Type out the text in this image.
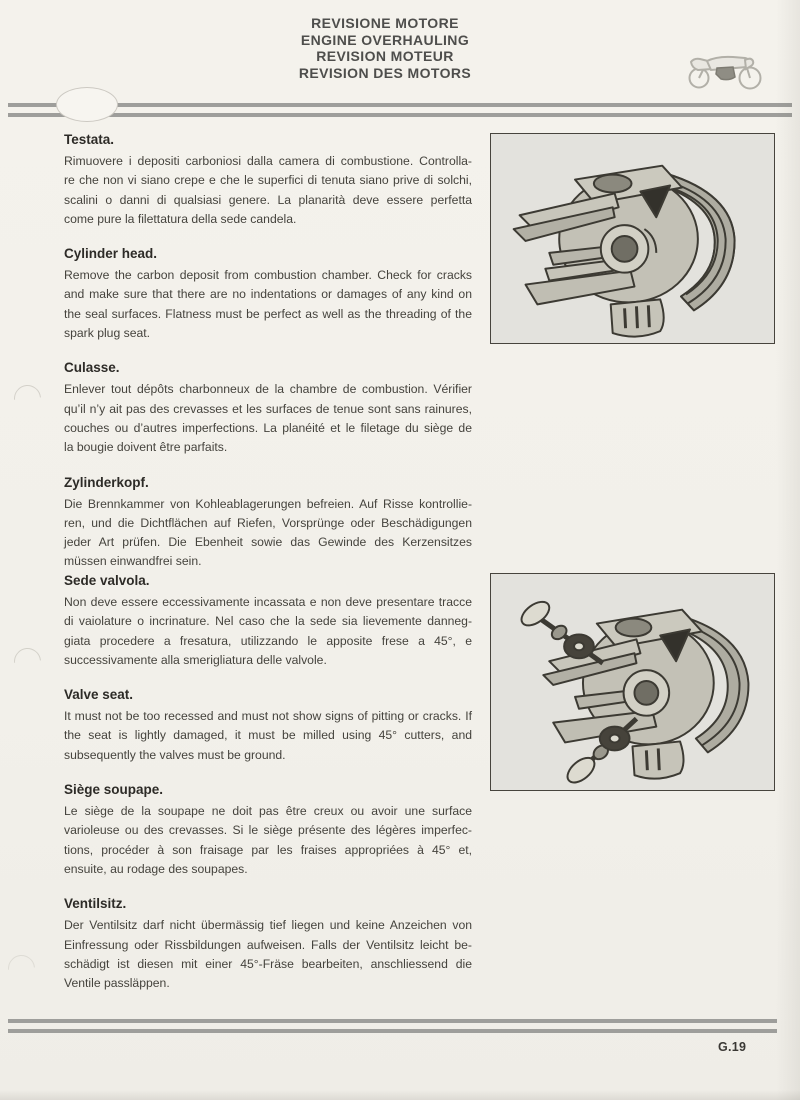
REVISIONE MOTORE
ENGINE OVERHAULING
REVISION MOTEUR
REVISION DES MOTORS
Testata.
Rimuovere i depositi carboniosi dalla camera di combustione. Controlla-
re che non vi siano crepe e che le superfici di tenuta siano prive di solchi,
scalini o danni di qualsiasi genere. La planarità deve essere perfetta
come pure la filettatura della sede candela.
Cylinder head.
Remove the carbon deposit from combustion chamber. Check for cracks
and make sure that there are no indentations or damages of any kind on
the seal surfaces. Flatness must be perfect as well as the threading of the
spark plug seat.
Culasse.
Enlever tout dépôts charbonneux de la chambre de combustion. Vérifier
qu’il n’y ait pas des crevasses et les surfaces de tenue sont sans rainures,
couches ou d’autres imperfections. La planéité et le filetage du siège de
la bougie doivent être parfaits.
Zylinderkopf.
Die Brennkammer von Kohleablagerungen befreien. Auf Risse kontrollie-
ren, und die Dichtflächen auf Riefen, Vorsprünge oder Beschädigungen
jeder Art prüfen. Die Ebenheit sowie das Gewinde des Kerzensitzes
müssen einwandfrei sein.
Sede valvola.
Non deve essere eccessivamente incassata e non deve presentare tracce
di vaiolature o incrinature. Nel caso che la sede sia lievemente danneg-
giata procedere a fresatura, utilizzando le apposite frese a 45°, e
successivamente alla smerigliatura delle valvole.
Valve seat.
It must not be too recessed and must not show signs of pitting or cracks. If
the seat is lightly damaged, it must be milled using 45° cutters, and
subsequently the valves must be ground.
Siège soupape.
Le siège de la soupape ne doit pas être creux ou avoir une surface
varioleuse ou des crevasses. Si le siège présente des légères imperfec-
tions, procéder à son fraisage par les fraises appropriées à 45° et,
ensuite, au rodage des soupapes.
Ventilsitz.
Der Ventilsitz darf nicht übermässig tief liegen und keine Anzeichen von
Einfressung oder Rissbildungen aufweisen. Falls der Ventilsitz leicht be-
schädigt ist diesen mit einer 45°-Fräse bearbeiten, anschliessend die
Ventile passläppen.
G.19
